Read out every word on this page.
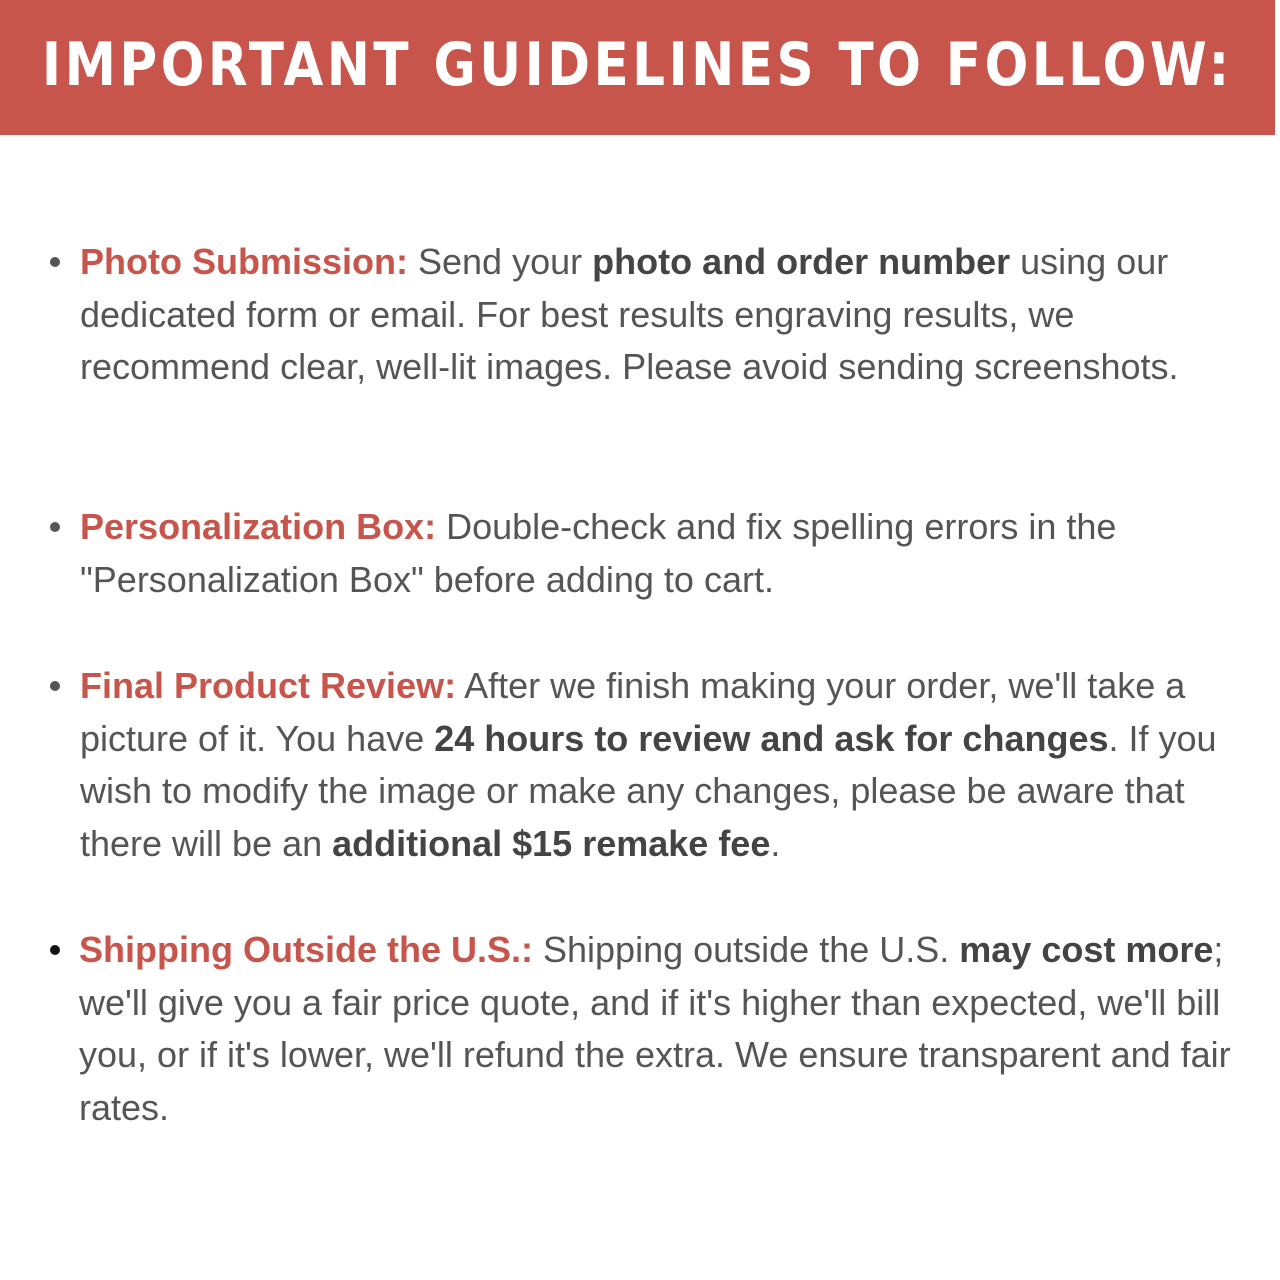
IMPORTANT GUIDELINES TO FOLLOW:
Photo Submission: Send your photo and order number using our dedicated form or email. For best results engraving results, we recommend clear, well-lit images. Please avoid sending screenshots.
Personalization Box: Double-check and fix spelling errors in the "Personalization Box" before adding to cart.
Final Product Review: After we finish making your order, we'll take a picture of it. You have 24 hours to review and ask for changes. If you wish to modify the image or make any changes, please be aware that there will be an additional $15 remake fee.
Shipping Outside the U.S.: Shipping outside the U.S. may cost more; we'll give you a fair price quote, and if it's higher than expected, we'll bill you, or if it's lower, we'll refund the extra. We ensure transparent and fair rates.
